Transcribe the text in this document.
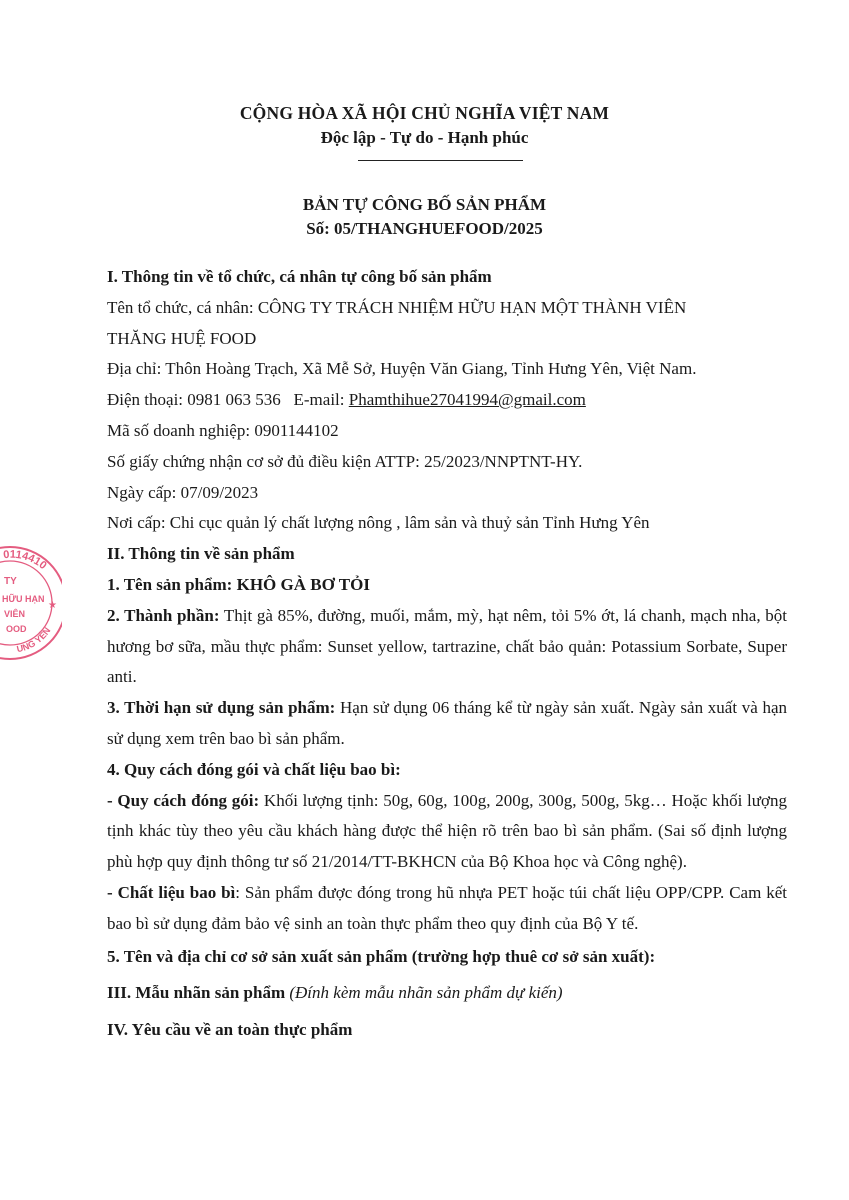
CỘNG HÒA XÃ HỘI CHỦ NGHĨA VIỆT NAM
Độc lập - Tự do - Hạnh phúc
BẢN TỰ CÔNG BỐ SẢN PHẨM
Số: 05/THANGHUEFOOD/2025

I. Thông tin về tổ chức, cá nhân tự công bố sản phẩm

Tên tổ chức, cá nhân: CÔNG TY TRÁCH NHIỆM HỮU HẠN MỘT THÀNH VIÊN

THĂNG HUỆ FOOD

Địa chỉ: Thôn Hoàng Trạch, Xã Mễ Sở, Huyện Văn Giang, Tỉnh Hưng Yên, Việt Nam.

Điện thoại: 0981 063 536   E-mail: Phamthihue27041994@gmail.com

Mã số doanh nghiệp: 0901144102

Số giấy chứng nhận cơ sở đủ điều kiện ATTP: 25/2023/NNPTNT-HY.

Ngày cấp: 07/09/2023

Nơi cấp: Chi cục quản lý chất lượng nông , lâm sản và thuỷ sản Tỉnh Hưng Yên

II. Thông tin về sản phẩm

1. Tên sản phẩm: KHÔ GÀ BƠ TỎI

2. Thành phần: Thịt gà 85%, đường, muối, mắm, mỳ, hạt nêm, tỏi 5% ớt, lá chanh, mạch nha, bột hương bơ sữa, mầu thực phẩm: Sunset yellow, tartrazine, chất bảo quản: Potassium Sorbate, Super anti.

3. Thời hạn sử dụng sản phẩm: Hạn sử dụng 06 tháng kể từ ngày sản xuất. Ngày sản xuất và hạn sử dụng xem trên bao bì sản phẩm.

4. Quy cách đóng gói và chất liệu bao bì:

- Quy cách đóng gói: Khối lượng tịnh: 50g, 60g, 100g, 200g, 300g, 500g, 5kg… Hoặc khối lượng tịnh khác tùy theo yêu cầu khách hàng được thể hiện rõ trên bao bì sản phẩm. (Sai số định lượng phù hợp quy định thông tư số 21/2014/TT-BKHCN của Bộ Khoa học và Công nghệ).

- Chất liệu bao bì: Sản phẩm được đóng trong hũ nhựa PET hoặc túi chất liệu OPP/CPP. Cam kết bao bì sử dụng đảm bảo vệ sinh an toàn thực phẩm theo quy định của Bộ Y tế.

5. Tên và địa chỉ cơ sở sản xuất sản phẩm (trường hợp thuê cơ sở sản xuất):

III. Mẫu nhãn sản phẩm (Đính kèm mẫu nhãn sản phẩm dự kiến)

IV. Yêu cầu về an toàn thực phẩm

0114410
UNG YÊN
TY
HỮU HẠN
VIÊN
OOD
★
